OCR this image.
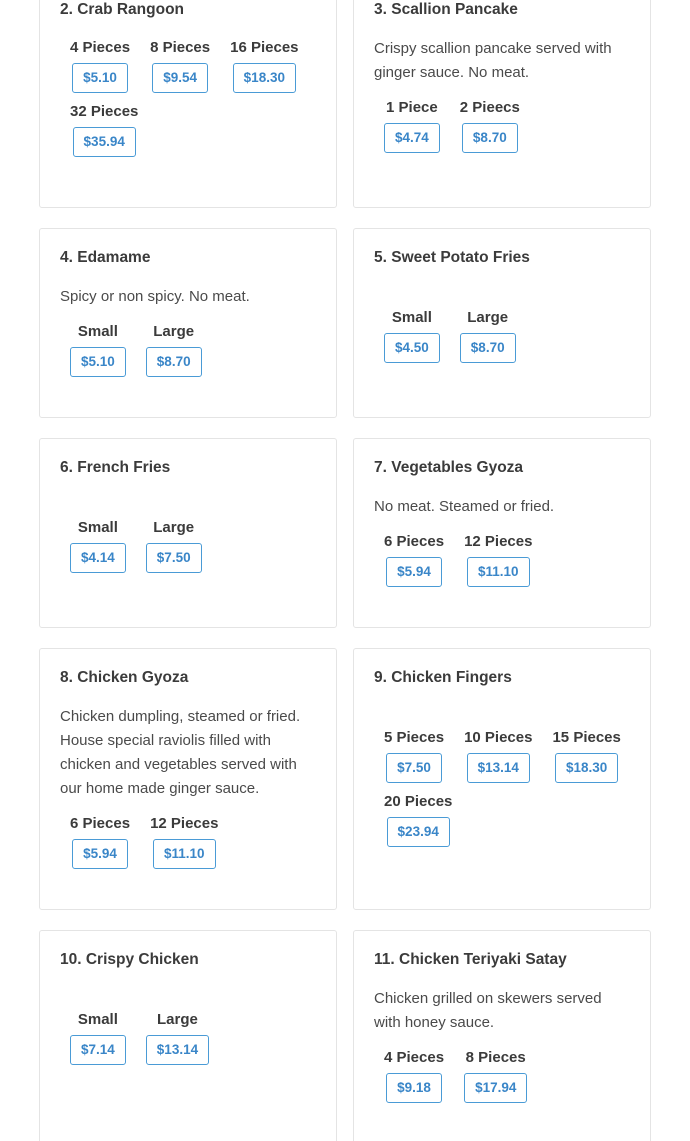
2. Crab Rangoon
4 Pieces
$5.10
8 Pieces
$9.54
16 Pieces
$18.30
32 Pieces
$35.94
3. Scallion Pancake
Crispy scallion pancake served with ginger sauce. No meat.
1 Piece
$4.74
2 Pieecs
$8.70
4. Edamame
Spicy or non spicy. No meat.
Small
$5.10
Large
$8.70
5. Sweet Potato Fries
Small
$4.50
Large
$8.70
6. French Fries
Small
$4.14
Large
$7.50
7. Vegetables Gyoza
No meat. Steamed or fried.
6 Pieces
$5.94
12 Pieces
$11.10
8. Chicken Gyoza
Chicken dumpling, steamed or fried. House special raviolis filled with chicken and vegetables served with our home made ginger sauce.
6 Pieces
$5.94
12 Pieces
$11.10
9. Chicken Fingers
5 Pieces
$7.50
10 Pieces
$13.14
15 Pieces
$18.30
20 Pieces
$23.94
10. Crispy Chicken
Small
$7.14
Large
$13.14
11. Chicken Teriyaki Satay
Chicken grilled on skewers served with honey sauce.
4 Pieces
$9.18
8 Pieces
$17.94
